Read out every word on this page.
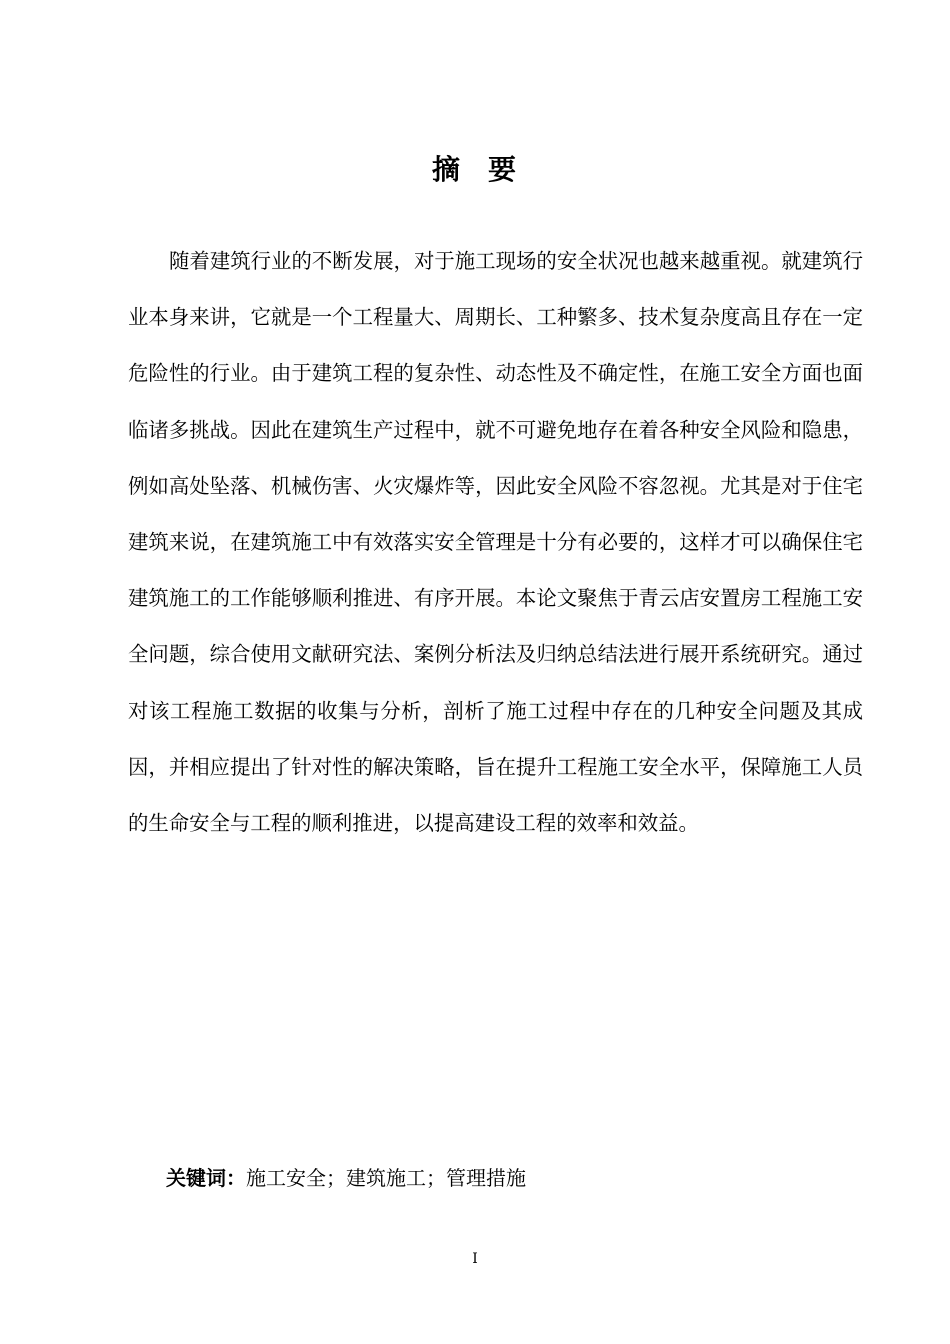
摘 要

随着建筑行业的不断发展，对于施工现场的安全状况也越来越重视。就建筑行业本身来讲，它就是一个工程量大、周期长、工种繁多、技术复杂度高且存在一定危险性的行业。由于建筑工程的复杂性、动态性及不确定性，在施工安全方面也面临诸多挑战。因此在建筑生产过程中，就不可避免地存在着各种安全风险和隐患，例如高处坠落、机械伤害、火灾爆炸等，因此安全风险不容忽视。尤其是对于住宅建筑来说，在建筑施工中有效落实安全管理是十分有必要的，这样才可以确保住宅建筑施工的工作能够顺利推进、有序开展。本论文聚焦于青云店安置房工程施工安全问题，综合使用文献研究法、案例分析法及归纳总结法进行展开系统研究。通过对该工程施工数据的收集与分析，剖析了施工过程中存在的几种安全问题及其成因，并相应提出了针对性的解决策略，旨在提升工程施工安全水平，保障施工人员的生命安全与工程的顺利推进，以提高建设工程的效率和效益。

关键词：施工安全；建筑施工；管理措施
I
